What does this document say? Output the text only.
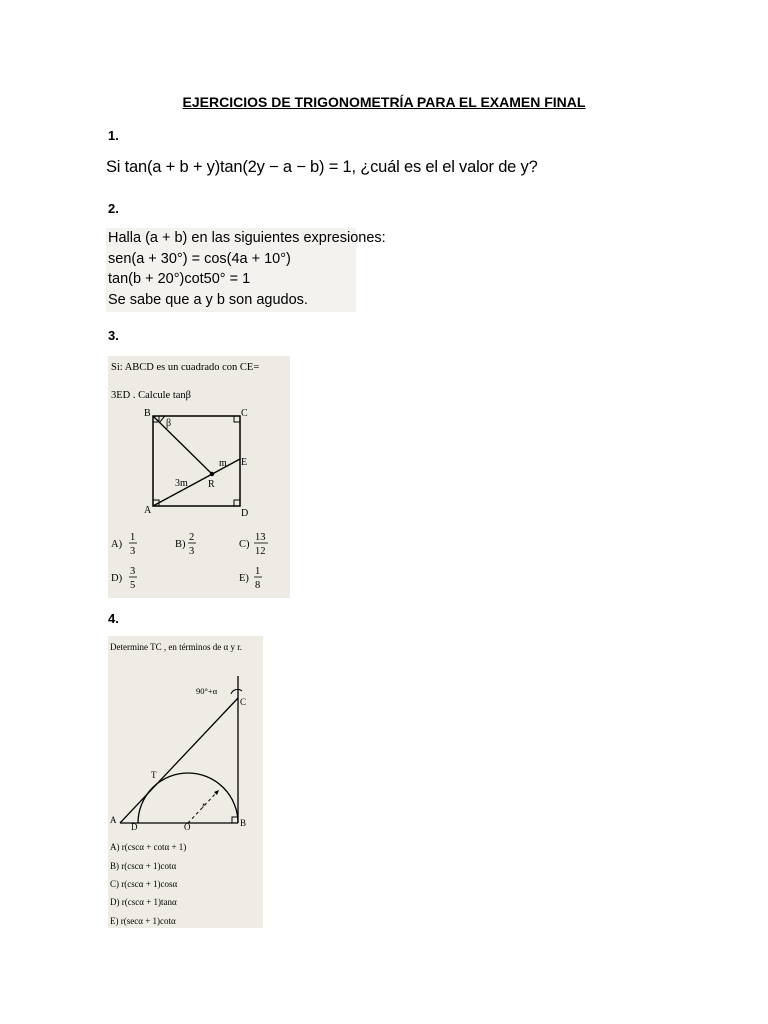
EJERCICIOS DE TRIGONOMETRÍA PARA EL EXAMEN FINAL
1.
Si tan(a + b + y)tan(2y − a − b) = 1, ¿cuál es el el valor de y?
2.
Halla (a + b) en las siguientes expresiones:
sen(a + 30°) = cos(4a + 10°)
tan(b + 20°)cot50° = 1
Se sabe que a y b son agudos.
3.
Si: ABCD es un cuadrado con CE=
3ED . Calcule tanβ
B	C
D
A
E
R
β
m
3m
A)
1
3
B)
2
3
C)
13
12
D)
3
5
E)
1
8
4.
Determine TC , en términos de α y r.
90°+α
C
T
A
D	O	B
r
A) r(cscα + cotα + 1)
B) r(cscα + 1)cotα
C) r(cscα + 1)cosα
D) r(cscα + 1)tanα
E) r(secα + 1)cotα
